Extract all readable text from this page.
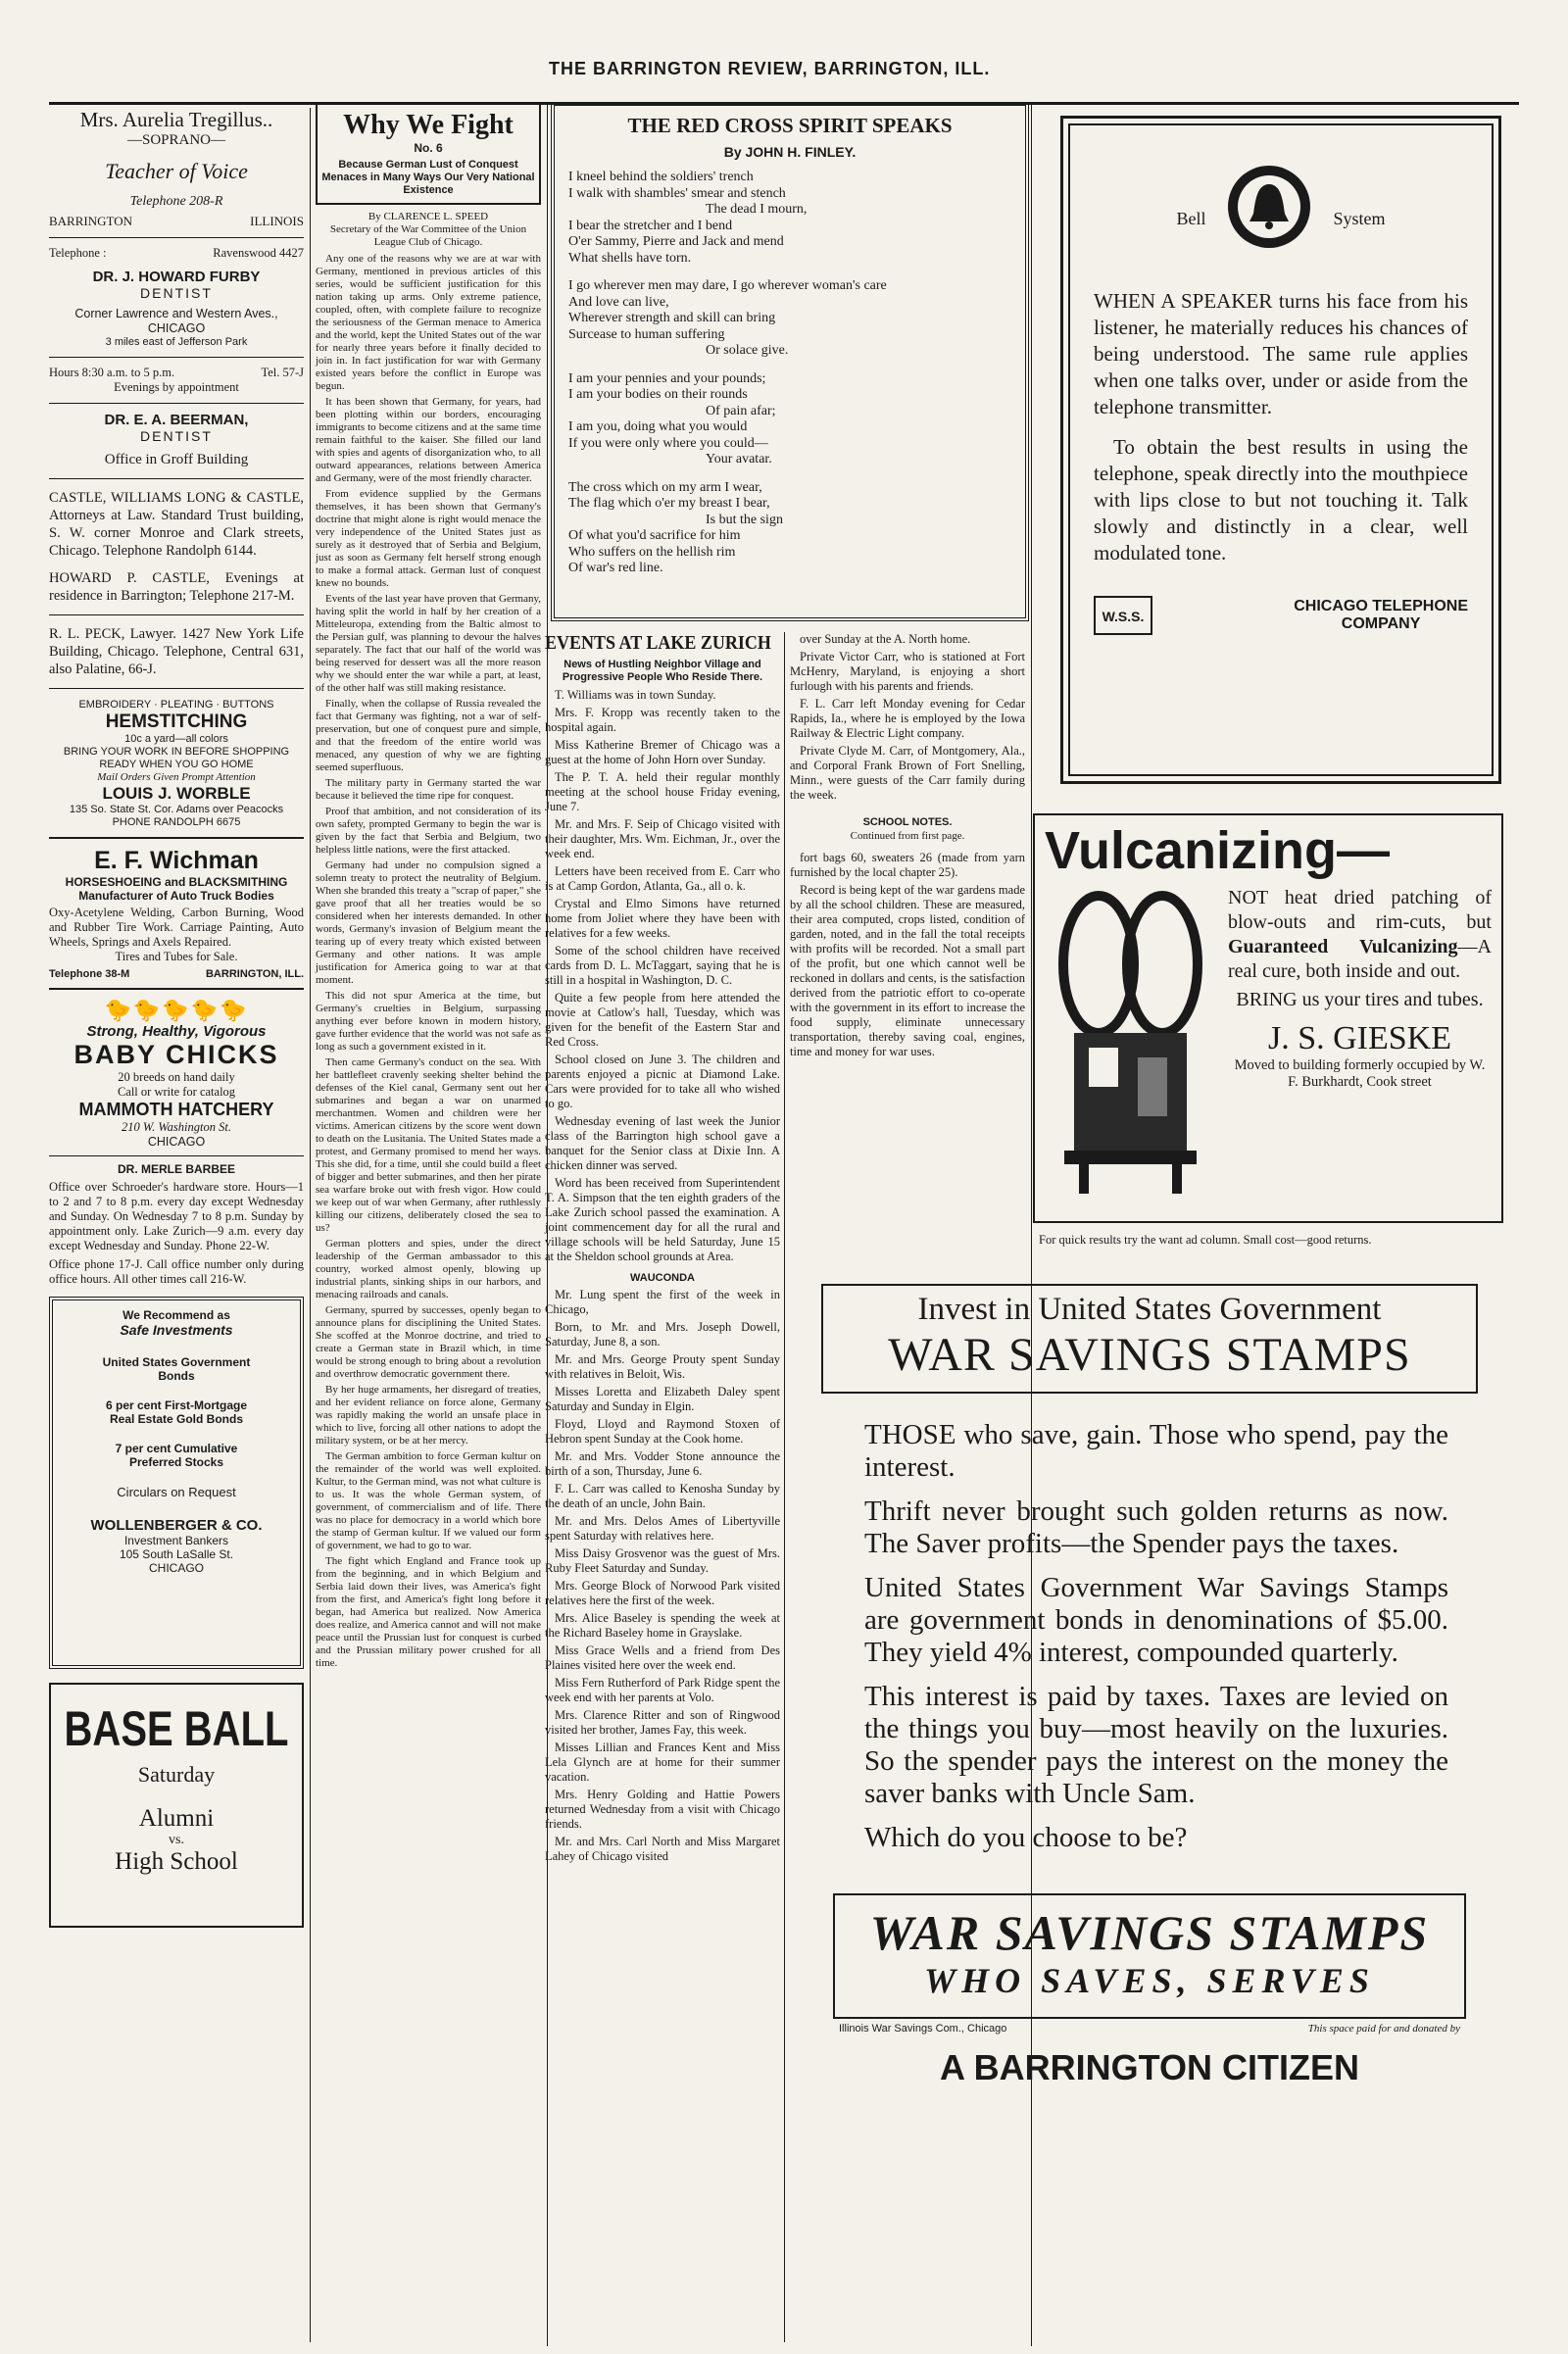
THE BARRINGTON REVIEW, BARRINGTON, ILL.
Mrs. Aurelia Tregillus..
—SOPRANO—
Teacher of Voice
Telephone 208-R
BARRINGTON	ILLINOIS
Telephone :	Ravenswood 4427
DR. J. HOWARD FURBY
DENTIST
Corner Lawrence and Western Aves.,
CHICAGO
3 miles east of Jefferson Park
Hours 8:30 a.m. to 5 p.m.	Tel. 57-J
Evenings by appointment
DR. E. A. BEERMAN,
DENTIST
Office in Groff Building
CASTLE, WILLIAMS LONG & CASTLE, Attorneys at Law. Standard Trust building, S. W. corner Monroe and Clark streets, Chicago. Telephone Randolph 6144.
HOWARD P. CASTLE, Evenings at residence in Barrington; Telephone 217-M.
R. L. PECK, Lawyer. 1427 New York Life Building, Chicago. Telephone, Central 631, also Palatine, 66-J.
EMBROIDERY · PLEATING · BUTTONS
HEMSTITCHING
10c a yard—all colors
BRING YOUR WORK IN BEFORE SHOPPING
READY WHEN YOU GO HOME
Mail Orders Given Prompt Attention
LOUIS J. WORBLE
135 So. State St. Cor. Adams over Peacocks
PHONE RANDOLPH 6675
E. F. Wichman
HORSESHOEING and BLACKSMITHING
Manufacturer of Auto Truck Bodies
Oxy-Acetylene Welding, Carbon Burning, Wood and Rubber Tire Work. Carriage Painting, Auto Wheels, Springs and Axels Repaired.
Tires and Tubes for Sale.
Telephone 38-M	BARRINGTON, ILL.
🐤🐤🐤🐤🐤
Strong, Healthy, Vigorous
BABY CHICKS
20 breeds on hand daily
Call or write for catalog
MAMMOTH HATCHERY
210 W. Washington St.
CHICAGO
DR. MERLE BARBEE
Office over Schroeder's hardware store. Hours—1 to 2 and 7 to 8 p.m. every day except Wednesday and Sunday. On Wednesday 7 to 8 p.m. Sunday by appointment only. Lake Zurich—9 a.m. every day except Wednesday and Sunday. Phone 22-W.
Office phone 17-J. Call office number only during office hours. All other times call 216-W.
We Recommend as
Safe Investments
United States Government
Bonds
6 per cent First-Mortgage
Real Estate Gold Bonds
7 per cent Cumulative
Preferred Stocks
Circulars on Request
WOLLENBERGER & CO.
Investment Bankers
105 South LaSalle St.
CHICAGO
BASE BALL
Saturday
Alumni
vs.
High School
Why We Fight
No. 6
Because German Lust of Conquest Menaces in Many Ways Our Very National Existence
By CLARENCE L. SPEED
Secretary of the War Committee of the Union League Club of Chicago.

Any one of the reasons why we are at war with Germany, mentioned in previous articles of this series, would be sufficient justification for this nation taking up arms. Only extreme patience, coupled, often, with complete failure to recognize the seriousness of the German menace to America and the world, kept the United States out of the war for nearly three years before it finally decided to join in. In fact justification for war with Germany existed years before the conflict in Europe was begun.

It has been shown that Germany, for years, had been plotting within our borders, encouraging immigrants to become citizens and at the same time remain faithful to the kaiser. She filled our land with spies and agents of disorganization who, to all outward appearances, relations between America and Germany, were of the most friendly character.

From evidence supplied by the Germans themselves, it has been shown that Germany's doctrine that might alone is right would menace the very independence of the United States just as surely as it destroyed that of Serbia and Belgium, just as soon as Germany felt herself strong enough to make a formal attack. German lust of conquest knew no bounds.

Events of the last year have proven that Germany, having split the world in half by her creation of a Mitteleuropa, extending from the Baltic almost to the Persian gulf, was planning to devour the halves separately. The fact that our half of the world was being reserved for dessert was all the more reason why we should enter the war while a part, at least, of the other half was still making resistance.

Finally, when the collapse of Russia revealed the fact that Germany was fighting, not a war of self-preservation, but one of conquest pure and simple, and that the freedom of the entire world was menaced, any question of why we are fighting seemed superfluous.

The military party in Germany started the war because it believed the time ripe for conquest.

Proof that ambition, and not consideration of its own safety, prompted Germany to begin the war is given by the fact that Serbia and Belgium, two helpless little nations, were the first attacked.

Germany had under no compulsion signed a solemn treaty to protect the neutrality of Belgium. When she branded this treaty a "scrap of paper," she gave proof that all her treaties would be so considered when her interests demanded. In other words, Germany's invasion of Belgium meant the tearing up of every treaty which existed between Germany and other nations. It was ample justification for America going to war at that moment.

This did not spur America at the time, but Germany's cruelties in Belgium, surpassing anything ever before known in modern history, gave further evidence that the world was not safe as long as such a government existed in it.

Then came Germany's conduct on the sea. With her battlefleet cravenly seeking shelter behind the defenses of the Kiel canal, Germany sent out her submarines and began a war on unarmed merchantmen. Women and children were her victims. American citizens by the score went down to death on the Lusitania. The United States made a protest, and Germany promised to mend her ways. This she did, for a time, until she could build a fleet of bigger and better submarines, and then her pirate sea warfare broke out with fresh vigor. How could we keep out of war when Germany, after ruthlessly killing our citizens, deliberately closed the sea to us?

German plotters and spies, under the direct leadership of the German ambassador to this country, worked almost openly, blowing up industrial plants, sinking ships in our harbors, and menacing railroads and canals.

Germany, spurred by successes, openly began to announce plans for disciplining the United States. She scoffed at the Monroe doctrine, and tried to create a German state in Brazil which, in time would be strong enough to bring about a revolution and overthrow democratic government there.

By her huge armaments, her disregard of treaties, and her evident reliance on force alone, Germany was rapidly making the world an unsafe place in which to live, forcing all other nations to adopt the military system, or be at her mercy.

The German ambition to force German kultur on the remainder of the world was well exploited. Kultur, to the German mind, was not what culture is to us. It was the whole German system, of government, of commercialism and of life. There was no place for democracy in a world which bore the stamp of German kultur. If we valued our form of government, we had to go to war.

The fight which England and France took up from the beginning, and in which Belgium and Serbia laid down their lives, was America's fight from the first, and America's fight long before it began, had America but realized. Now America does realize, and America cannot and will not make peace until the Prussian lust for conquest is curbed and the Prussian military power crushed for all time.

THE RED CROSS SPIRIT SPEAKS
By JOHN H. FINLEY.
I kneel behind the soldiers' trench
I walk with shambles' smear and stench
The dead I mourn,
I bear the stretcher and I bend
O'er Sammy, Pierre and Jack and mend
What shells have torn.
I go wherever men may dare, I go wherever woman's care
And love can live,
Wherever strength and skill can bring
Surcease to human suffering
Or solace give.
I am your pennies and your pounds;
I am your bodies on their rounds
Of pain afar;
I am you, doing what you would
If you were only where you could—
Your avatar.
The cross which on my arm I wear,
The flag which o'er my breast I bear,
Is but the sign
Of what you'd sacrifice for him
Who suffers on the hellish rim
Of war's red line.
EVENTS AT LAKE ZURICH
News of Hustling Neighbor Village and Progressive People Who Reside There.

T. Williams was in town Sunday.

Mrs. F. Kropp was recently taken to the hospital again.

Miss Katherine Bremer of Chicago was a guest at the home of John Horn over Sunday.

The P. T. A. held their regular monthly meeting at the school house Friday evening, June 7.

Mr. and Mrs. F. Seip of Chicago visited with their daughter, Mrs. Wm. Eichman, Jr., over the week end.

Letters have been received from E. Carr who is at Camp Gordon, Atlanta, Ga., all o. k.

Crystal and Elmo Simons have returned home from Joliet where they have been with relatives for a few weeks.

Some of the school children have received cards from D. L. McTaggart, saying that he is still in a hospital in Washington, D. C.

Quite a few people from here attended the movie at Catlow's hall, Tuesday, which was given for the benefit of the Eastern Star and Red Cross.

School closed on June 3. The children and parents enjoyed a picnic at Diamond Lake. Cars were provided for to take all who wished to go.

Wednesday evening of last week the Junior class of the Barrington high school gave a banquet for the Senior class at Dixie Inn. A chicken dinner was served.

Word has been received from Superintendent T. A. Simpson that the ten eighth graders of the Lake Zurich school passed the examination. A joint commencement day for all the rural and village schools will be held Saturday, June 15 at the Sheldon school grounds at Area.

WAUCONDA

Mr. Lung spent the first of the week in Chicago,

Born, to Mr. and Mrs. Joseph Dowell, Saturday, June 8, a son.

Mr. and Mrs. George Prouty spent Sunday with relatives in Beloit, Wis.

Misses Loretta and Elizabeth Daley spent Saturday and Sunday in Elgin.

Floyd, Lloyd and Raymond Stoxen of Hebron spent Sunday at the Cook home.

Mr. and Mrs. Vodder Stone announce the birth of a son, Thursday, June 6.

F. L. Carr was called to Kenosha Sunday by the death of an uncle, John Bain.

Mr. and Mrs. Delos Ames of Libertyville spent Saturday with relatives here.

Miss Daisy Grosvenor was the guest of Mrs. Ruby Fleet Saturday and Sunday.

Mrs. George Block of Norwood Park visited relatives here the first of the week.

Mrs. Alice Baseley is spending the week at the Richard Baseley home in Grayslake.

Miss Grace Wells and a friend from Des Plaines visited here over the week end.

Miss Fern Rutherford of Park Ridge spent the week end with her parents at Volo.

Mrs. Clarence Ritter and son of Ringwood visited her brother, James Fay, this week.

Misses Lillian and Frances Kent and Miss Lela Glynch are at home for their summer vacation.

Mrs. Henry Golding and Hattie Powers returned Wednesday from a visit with Chicago friends.

Mr. and Mrs. Carl North and Miss Margaret Lahey of Chicago visited

over Sunday at the A. North home.

Private Victor Carr, who is stationed at Fort McHenry, Maryland, is enjoying a short furlough with his parents and friends.

F. L. Carr left Monday evening for Cedar Rapids, Ia., where he is employed by the Iowa Railway & Electric Light company.

Private Clyde M. Carr, of Montgomery, Ala., and Corporal Frank Brown of Fort Snelling, Minn., were guests of the Carr family during the week.

SCHOOL NOTES.
Continued from first page.

fort bags 60, sweaters 26 (made from yarn furnished by the local chapter 25).

Record is being kept of the war gardens made by all the school children. These are measured, their area computed, crops listed, condition of garden, noted, and in the fall the total receipts with profits will be recorded. Not a small part of the profit, but one which cannot well be reckoned in dollars and cents, is the satisfaction derived from the patriotic effort to co-operate with the government in its effort to increase the food supply, eliminate unnecessary transportation, thereby saving coal, engines, time and money for war uses.

Bell	System
WHEN A SPEAKER turns his face from his listener, he materially reduces his chances of being understood. The same rule applies when one talks over, under or aside from the telephone transmitter.
To obtain the best results in using the telephone, speak directly into the mouthpiece with lips close to but not touching it. Talk slowly and distinctly in a clear, well modulated tone.
W.S.S.
CHICAGO TELEPHONE
COMPANY
Vulcanizing—
NOT heat dried patching of blow-outs and rim-cuts, but Guaranteed Vulcanizing—A real cure, both inside and out.
BRING us your tires and tubes.
J. S. GIESKE
Moved to building formerly occupied by W. F. Burkhardt, Cook street
For quick results try the want ad column. Small cost—good returns.
Invest in United States Government
WAR SAVINGS STAMPS
THOSE who save, gain. Those who spend, pay the interest.
Thrift never brought such golden returns as now. The Saver profits—the Spender pays the taxes.
United States Government War Savings Stamps are government bonds in denominations of $5.00. They yield 4% interest, compounded quarterly.
This interest is paid by taxes. Taxes are levied on the things you buy—most heavily on the luxuries. So the spender pays the interest on the money the saver banks with Uncle Sam.
Which do you choose to be?
WAR SAVINGS STAMPS
WHO SAVES, SERVES
Illinois War Savings Com., Chicago	This space paid for and donated by
A BARRINGTON CITIZEN
